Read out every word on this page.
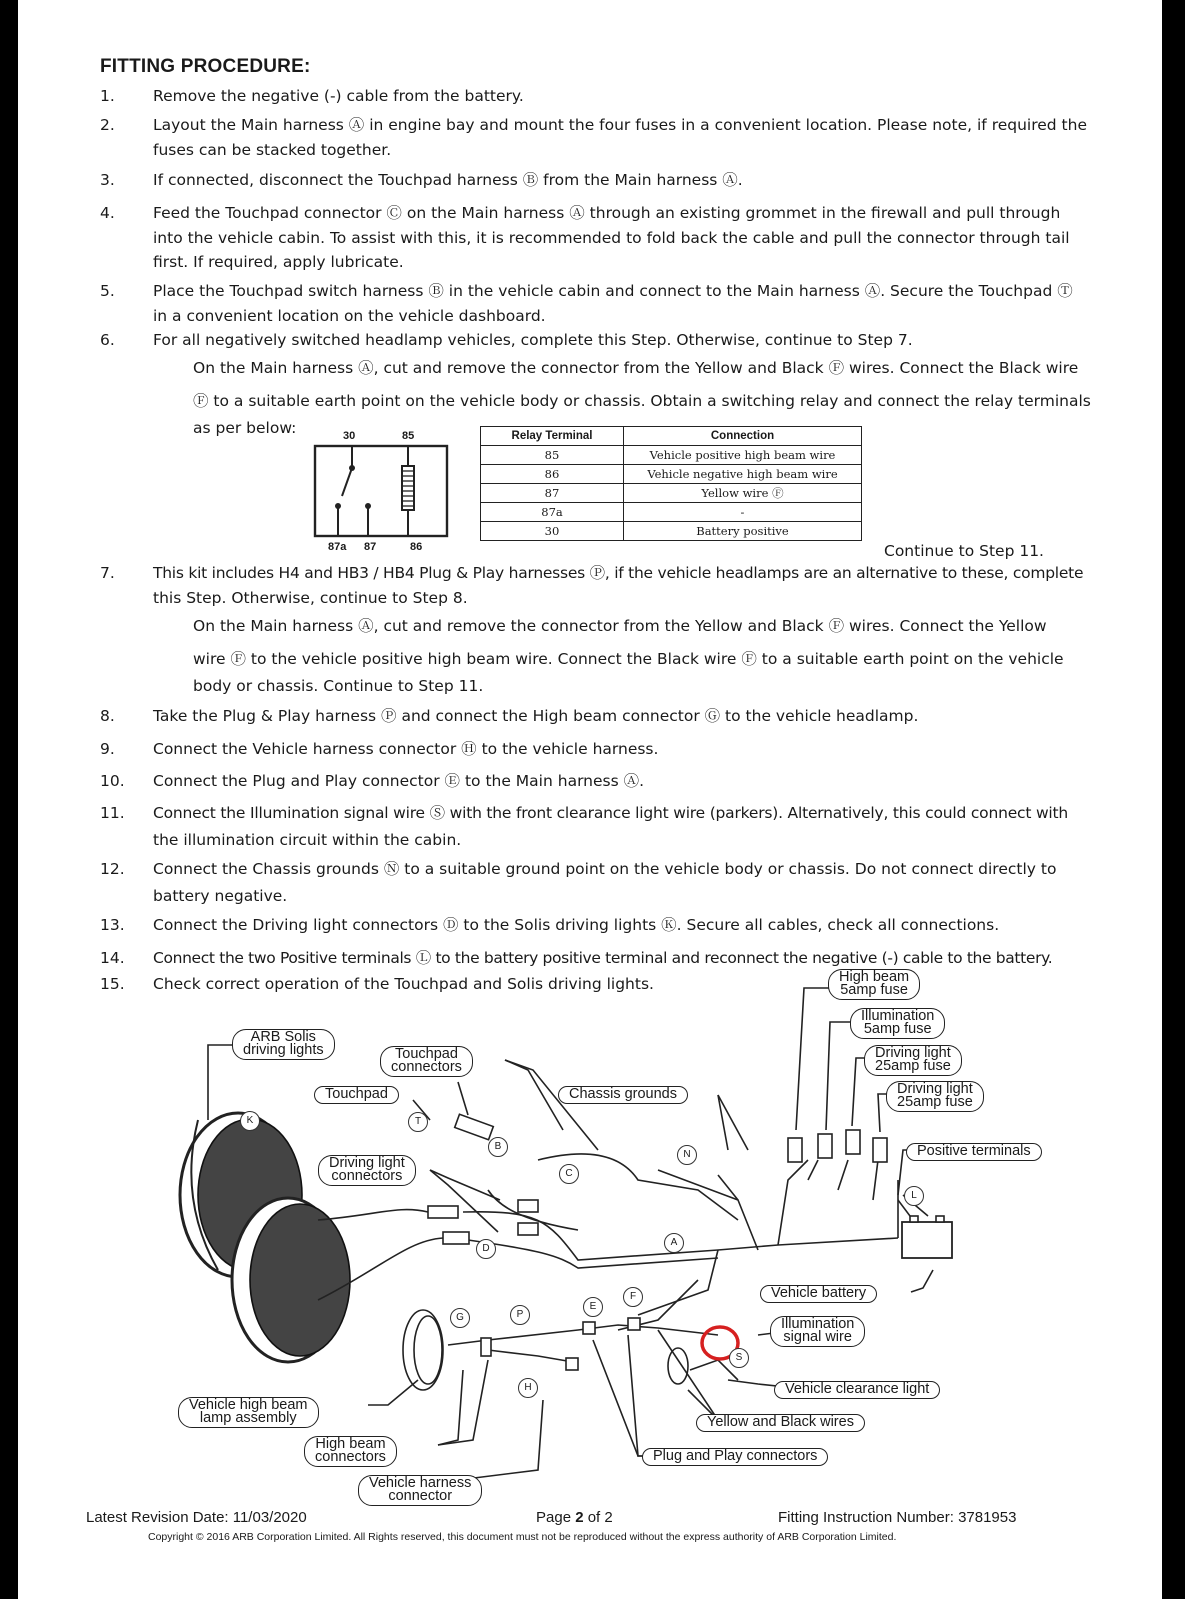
FITTING PROCEDURE:
1.	Remove the negative (-) cable from the battery.
2.	Layout the Main harness Ⓐ in engine bay and mount the four fuses in a convenient location. Please note, if required the
fuses can be stacked together.
3.	If connected, disconnect the Touchpad harness Ⓑ from the Main harness Ⓐ.
4.	Feed the Touchpad connector Ⓒ on the Main harness Ⓐ through an existing grommet in the firewall and pull through
into the vehicle cabin. To assist with this, it is recommended to fold back the cable and pull the connector through tail
first. If required, apply lubricate.
5.	Place the Touchpad switch harness Ⓑ in the vehicle cabin and connect to the Main harness Ⓐ. Secure the Touchpad Ⓣ
in a convenient location on the vehicle dashboard.
6.	For all negatively switched headlamp vehicles, complete this Step. Otherwise, continue to Step 7.
On the Main harness Ⓐ, cut and remove the connector from the Yellow and Black Ⓕ wires. Connect the Black wire
Ⓕ to a suitable earth point on the vehicle body or chassis. Obtain a switching relay and connect the relay terminals
as per below:	30	85
87a 87	86
Relay Terminal	Connection
85	Vehicle positive high beam wire
86	Vehicle negative high beam wire
87	Yellow wire Ⓕ
87a	-
30	Battery positive
Continue to Step 11.
7.	This kit includes H4 and HB3 / HB4 Plug & Play harnesses Ⓟ, if the vehicle headlamps are an alternative to these, complete
this Step. Otherwise, continue to Step 8.
On the Main harness Ⓐ, cut and remove the connector from the Yellow and Black Ⓕ wires. Connect the Yellow
wire Ⓕ to the vehicle positive high beam wire. Connect the Black wire Ⓕ to a suitable earth point on the vehicle
body or chassis. Continue to Step 11.
8.	Take the Plug & Play harness Ⓟ and connect the High beam connector Ⓖ to the vehicle headlamp.
9.	Connect the Vehicle harness connector Ⓗ to the vehicle harness.
10.	Connect the Plug and Play connector Ⓔ to the Main harness Ⓐ.
11.	Connect the Illumination signal wire Ⓢ with the front clearance light wire (parkers). Alternatively, this could connect with
the illumination circuit within the cabin.
12.	Connect the Chassis grounds Ⓝ to a suitable ground point on the vehicle body or chassis. Do not connect directly to
battery negative.
13.	Connect the Driving light connectors Ⓓ to the Solis driving lights Ⓚ. Secure all cables, check all connections.
14.	Connect the two Positive terminals Ⓛ to the battery positive terminal and reconnect the negative (-) cable to the battery.
15.	Check correct operation of the Touchpad and Solis driving lights.	High beam
5amp fuse
Illumination
5amp fuse
Driving light
25amp fuse
Driving light
25amp fuse
ARB Solis
driving lights	Touchpad
connectors
Touchpad	Chassis grounds
Positive terminals
Driving light
connectors
Vehicle battery
Illumination
signal wire
Vehicle clearance light
Yellow and Black wires
Plug and Play connectors
Vehicle high beam
lamp assembly
High beam
connectors
Vehicle harness
connector
K	T
B
C
N
L
D
A
G	P
E
F
S
H
Latest Revision Date: 11/03/2020	Page 2 of 2	Fitting Instruction Number: 3781953
Copyright © 2016 ARB Corporation Limited. All Rights reserved, this document must not be reproduced without the express authority of ARB Corporation Limited.
